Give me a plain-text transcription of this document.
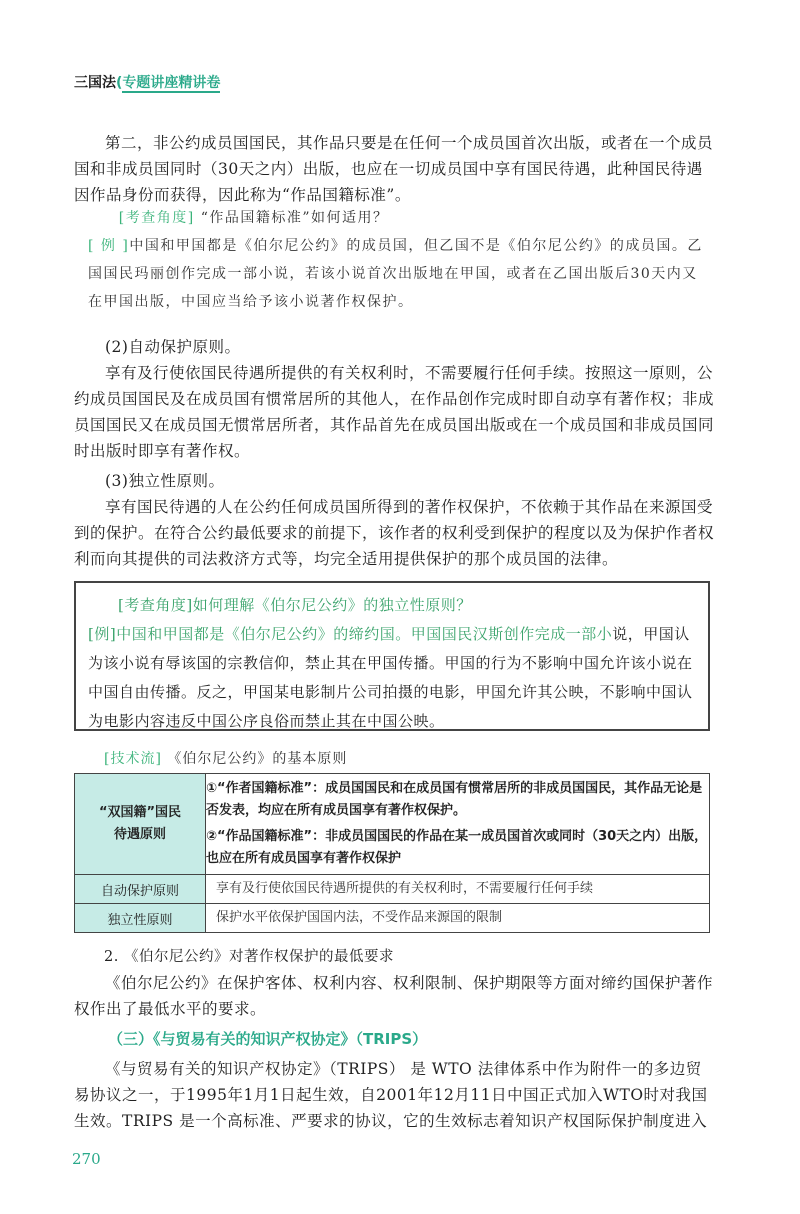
三国法(专题讲座精讲卷
第二，非公约成员国国民，其作品只要是在任何一个成员国首次出版，或者在一个成员国和非成员国同时（30天之内）出版，也应在一切成员国中享有国民待遇，此种国民待遇因作品身份而获得，因此称为“作品国籍标准”。
[考查角度] “作品国籍标准”如何适用？
[ 例 ]中国和甲国都是《伯尔尼公约》的成员国，但乙国不是《伯尔尼公约》的成员国。乙国国民玛丽创作完成一部小说，若该小说首次出版地在甲国，或者在乙国出版后30天内又在甲国出版，中国应当给予该小说著作权保护。
(2)自动保护原则。
享有及行使依国民待遇所提供的有关权利时，不需要履行任何手续。按照这一原则，公约成员国国民及在成员国有惯常居所的其他人，在作品创作完成时即自动享有著作权；非成员国国民又在成员国无惯常居所者，其作品首先在成员国出版或在一个成员国和非成员国同时出版时即享有著作权。
(3)独立性原则。
享有国民待遇的人在公约任何成员国所得到的著作权保护，不依赖于其作品在来源国受到的保护。在符合公约最低要求的前提下，该作者的权利受到保护的程度以及为保护作者权利而向其提供的司法救济方式等，均完全适用提供保护的那个成员国的法律。
[考查角度]如何理解《伯尔尼公约》的独立性原则？
[例]中国和甲国都是《伯尔尼公约》的缔约国。甲国国民汉斯创作完成一部小说，甲国认为该小说有辱该国的宗教信仰，禁止其在甲国传播。甲国的行为不影响中国允许该小说在中国自由传播。反之，甲国某电影制片公司拍摄的电影，甲国允许其公映，不影响中国认为电影内容违反中国公序良俗而禁止其在中国公映。
[技术流] 《伯尔尼公约》的基本原则
“双国籍”国民待遇原则	①“作者国籍标准”：成员国国民和在成员国有惯常居所的非成员国国民，其作品无论是否发表，均应在所有成员国享有著作权保护。
②“作品国籍标准”：非成员国国民的作品在某一成员国首次或同时（30天之内）出版，也应在所有成员国享有著作权保护

自动保护原则	享有及行使依国民待遇所提供的有关权利时，不需要履行任何手续
独立性原则	保护水平依保护国国内法，不受作品来源国的限制
2. 《伯尔尼公约》对著作权保护的最低要求
《伯尔尼公约》在保护客体、权利内容、权利限制、保护期限等方面对缔约国保护著作权作出了最低水平的要求。
（三）《与贸易有关的知识产权协定》（TRIPS）
《与贸易有关的知识产权协定》（TRIPS） 是 WTO 法律体系中作为附件一的多边贸易协议之一，于1995年1月1日起生效，自2001年12月11日中国正式加入WTO时对我国生效。TRIPS 是一个高标准、严要求的协议，它的生效标志着知识产权国际保护制度进入
270
